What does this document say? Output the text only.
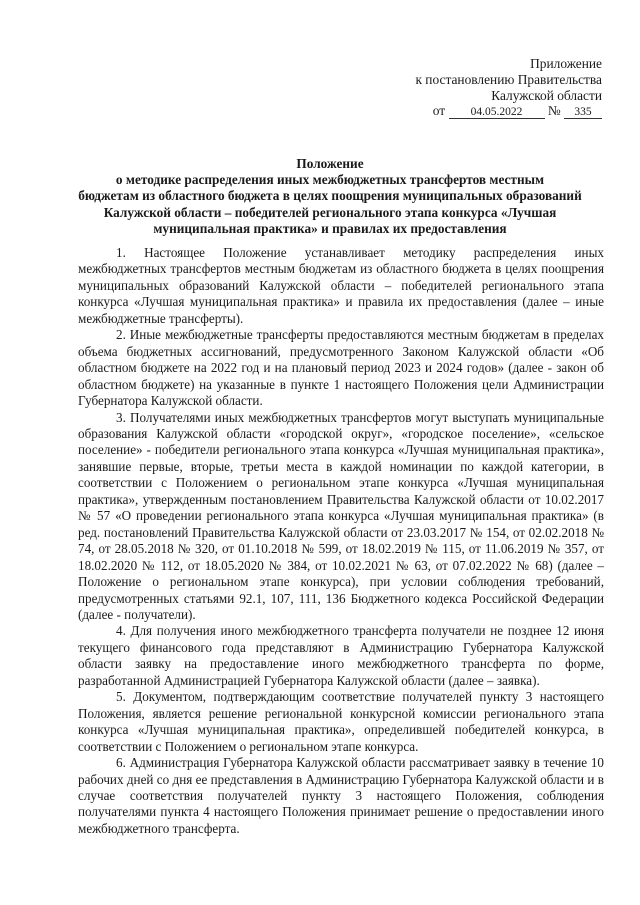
Приложение
к постановлению Правительства
Калужской области
от 04.05.2022 № 335
Положение
о методике распределения иных межбюджетных трансфертов местным
бюджетам из областного бюджета в целях поощрения муниципальных образований
Калужской области – победителей регионального этапа конкурса «Лучшая
муниципальная практика» и правилах их предоставления

1. Настоящее Положение устанавливает методику распределения иных межбюджетных трансфертов местным бюджетам из областного бюджета в целях поощрения муниципальных образований Калужской области – победителей регионального этапа конкурса «Лучшая муниципальная практика» и правила их предоставления (далее – иные межбюджетные трансферты).

2. Иные межбюджетные трансферты предоставляются местным бюджетам в пределах объема бюджетных ассигнований, предусмотренного Законом Калужской области «Об областном бюджете на 2022 год и на плановый период 2023 и 2024 годов» (далее - закон об областном бюджете) на указанные в пункте 1 настоящего Положения цели Администрации Губернатора Калужской области.

3. Получателями иных межбюджетных трансфертов могут выступать муниципальные образования Калужской области «городской округ», «городское поселение», «сельское поселение» - победители регионального этапа конкурса «Лучшая муниципальная практика», занявшие первые, вторые, третьи места в каждой номинации по каждой категории, в соответствии с Положением о региональном этапе конкурса «Лучшая муниципальная практика», утвержденным постановлением Правительства Калужской области от 10.02.2017 № 57 «О проведении регионального этапа конкурса «Лучшая муниципальная практика» (в ред. постановлений Правительства Калужской области от 23.03.2017 № 154, от 02.02.2018 № 74, от 28.05.2018 № 320, от 01.10.2018 № 599, от 18.02.2019 № 115, от 11.06.2019 № 357, от 18.02.2020 № 112, от 18.05.2020 № 384, от 10.02.2021 № 63, от 07.02.2022 № 68) (далее – Положение о региональном этапе конкурса), при условии соблюдения требований, предусмотренных статьями 92.1, 107, 111, 136 Бюджетного кодекса Российской Федерации (далее - получатели).

4. Для получения иного межбюджетного трансферта получатели не позднее 12 июня текущего финансового года представляют в Администрацию Губернатора Калужской области заявку на предоставление иного межбюджетного трансферта по форме, разработанной Администрацией Губернатора Калужской области (далее – заявка).

5. Документом, подтверждающим соответствие получателей пункту 3 настоящего Положения, является решение региональной конкурсной комиссии регионального этапа конкурса «Лучшая муниципальная практика», определившей победителей конкурса, в соответствии с Положением о региональном этапе конкурса.

6. Администрация Губернатора Калужской области рассматривает заявку в течение 10 рабочих дней со дня ее представления в Администрацию Губернатора Калужской области и в случае соответствия получателей пункту 3 настоящего Положения, соблюдения получателями пункта 4 настоящего Положения принимает решение о предоставлении иного межбюджетного трансферта.
